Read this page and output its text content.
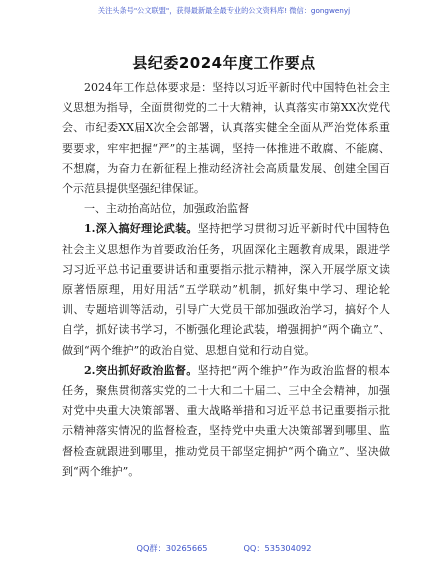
关注头条号"公文联盟"，获得最新最全最专业的公文资料库! 微信：gongwenyj
县纪委2024年度工作要点

2024年工作总体要求是：坚持以习近平新时代中国特色社会主义思想为指导，全面贯彻党的二十大精神，认真落实市第XX次党代会、市纪委XX届X次全会部署，认真落实健全全面从严治党体系重要要求，牢牢把握“严”的主基调，坚持一体推进不敢腐、不能腐、不想腐，为奋力在新征程上推动经济社会高质量发展、创建全国百个示范县提供坚强纪律保证。

一、主动抬高站位，加强政治监督

1.深入搞好理论武装。坚持把学习贯彻习近平新时代中国特色社会主义思想作为首要政治任务，巩固深化主题教育成果，跟进学习习近平总书记重要讲话和重要指示批示精神，深入开展学原文读原著悟原理，用好用活“五学联动”机制，抓好集中学习、理论轮训、专题培训等活动，引导广大党员干部加强政治学习，搞好个人自学，抓好读书学习，不断强化理论武装，增强拥护“两个确立”、做到“两个维护”的政治自觉、思想自觉和行动自觉。

2.突出抓好政治监督。坚持把“两个维护”作为政治监督的根本任务，聚焦贯彻落实党的二十大和二十届二、三中全会精神，加强对党中央重大决策部署、重大战略举措和习近平总书记重要指示批示精神落实情况的监督检查，坚持党中央重大决策部署到哪里、监督检查就跟进到哪里，推动党员干部坚定拥护“两个确立”、坚决做到“两个维护”。

QQ群：30265665	QQ：535304092
